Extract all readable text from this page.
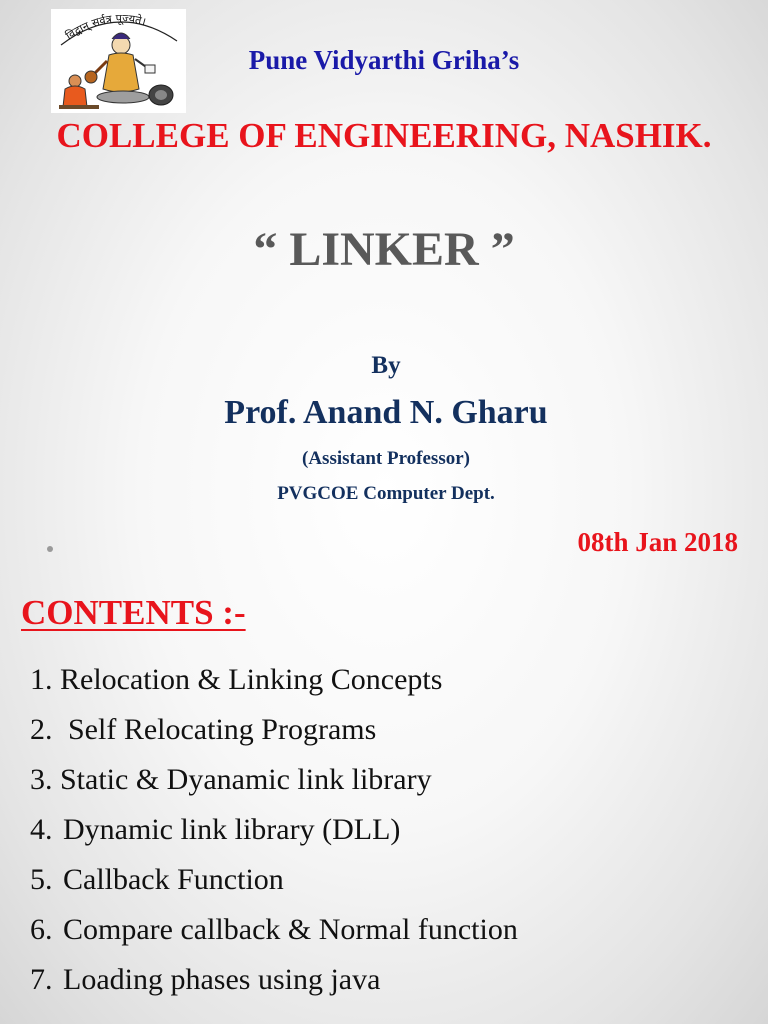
विद्वान् सर्वत्र पूज्यते।
Pune Vidyarthi Griha’s
COLLEGE OF ENGINEERING, NASHIK.
“ LINKER ”
By
Prof. Anand N. Gharu
(Assistant Professor)
PVGCOE Computer Dept.
08th Jan 2018
CONTENTS :-
1. Relocation & Linking Concepts
2. Self Relocating Programs
3. Static & Dyanamic link library
4. Dynamic link library (DLL)
5. Callback Function
6. Compare callback & Normal function
7. Loading phases using java
